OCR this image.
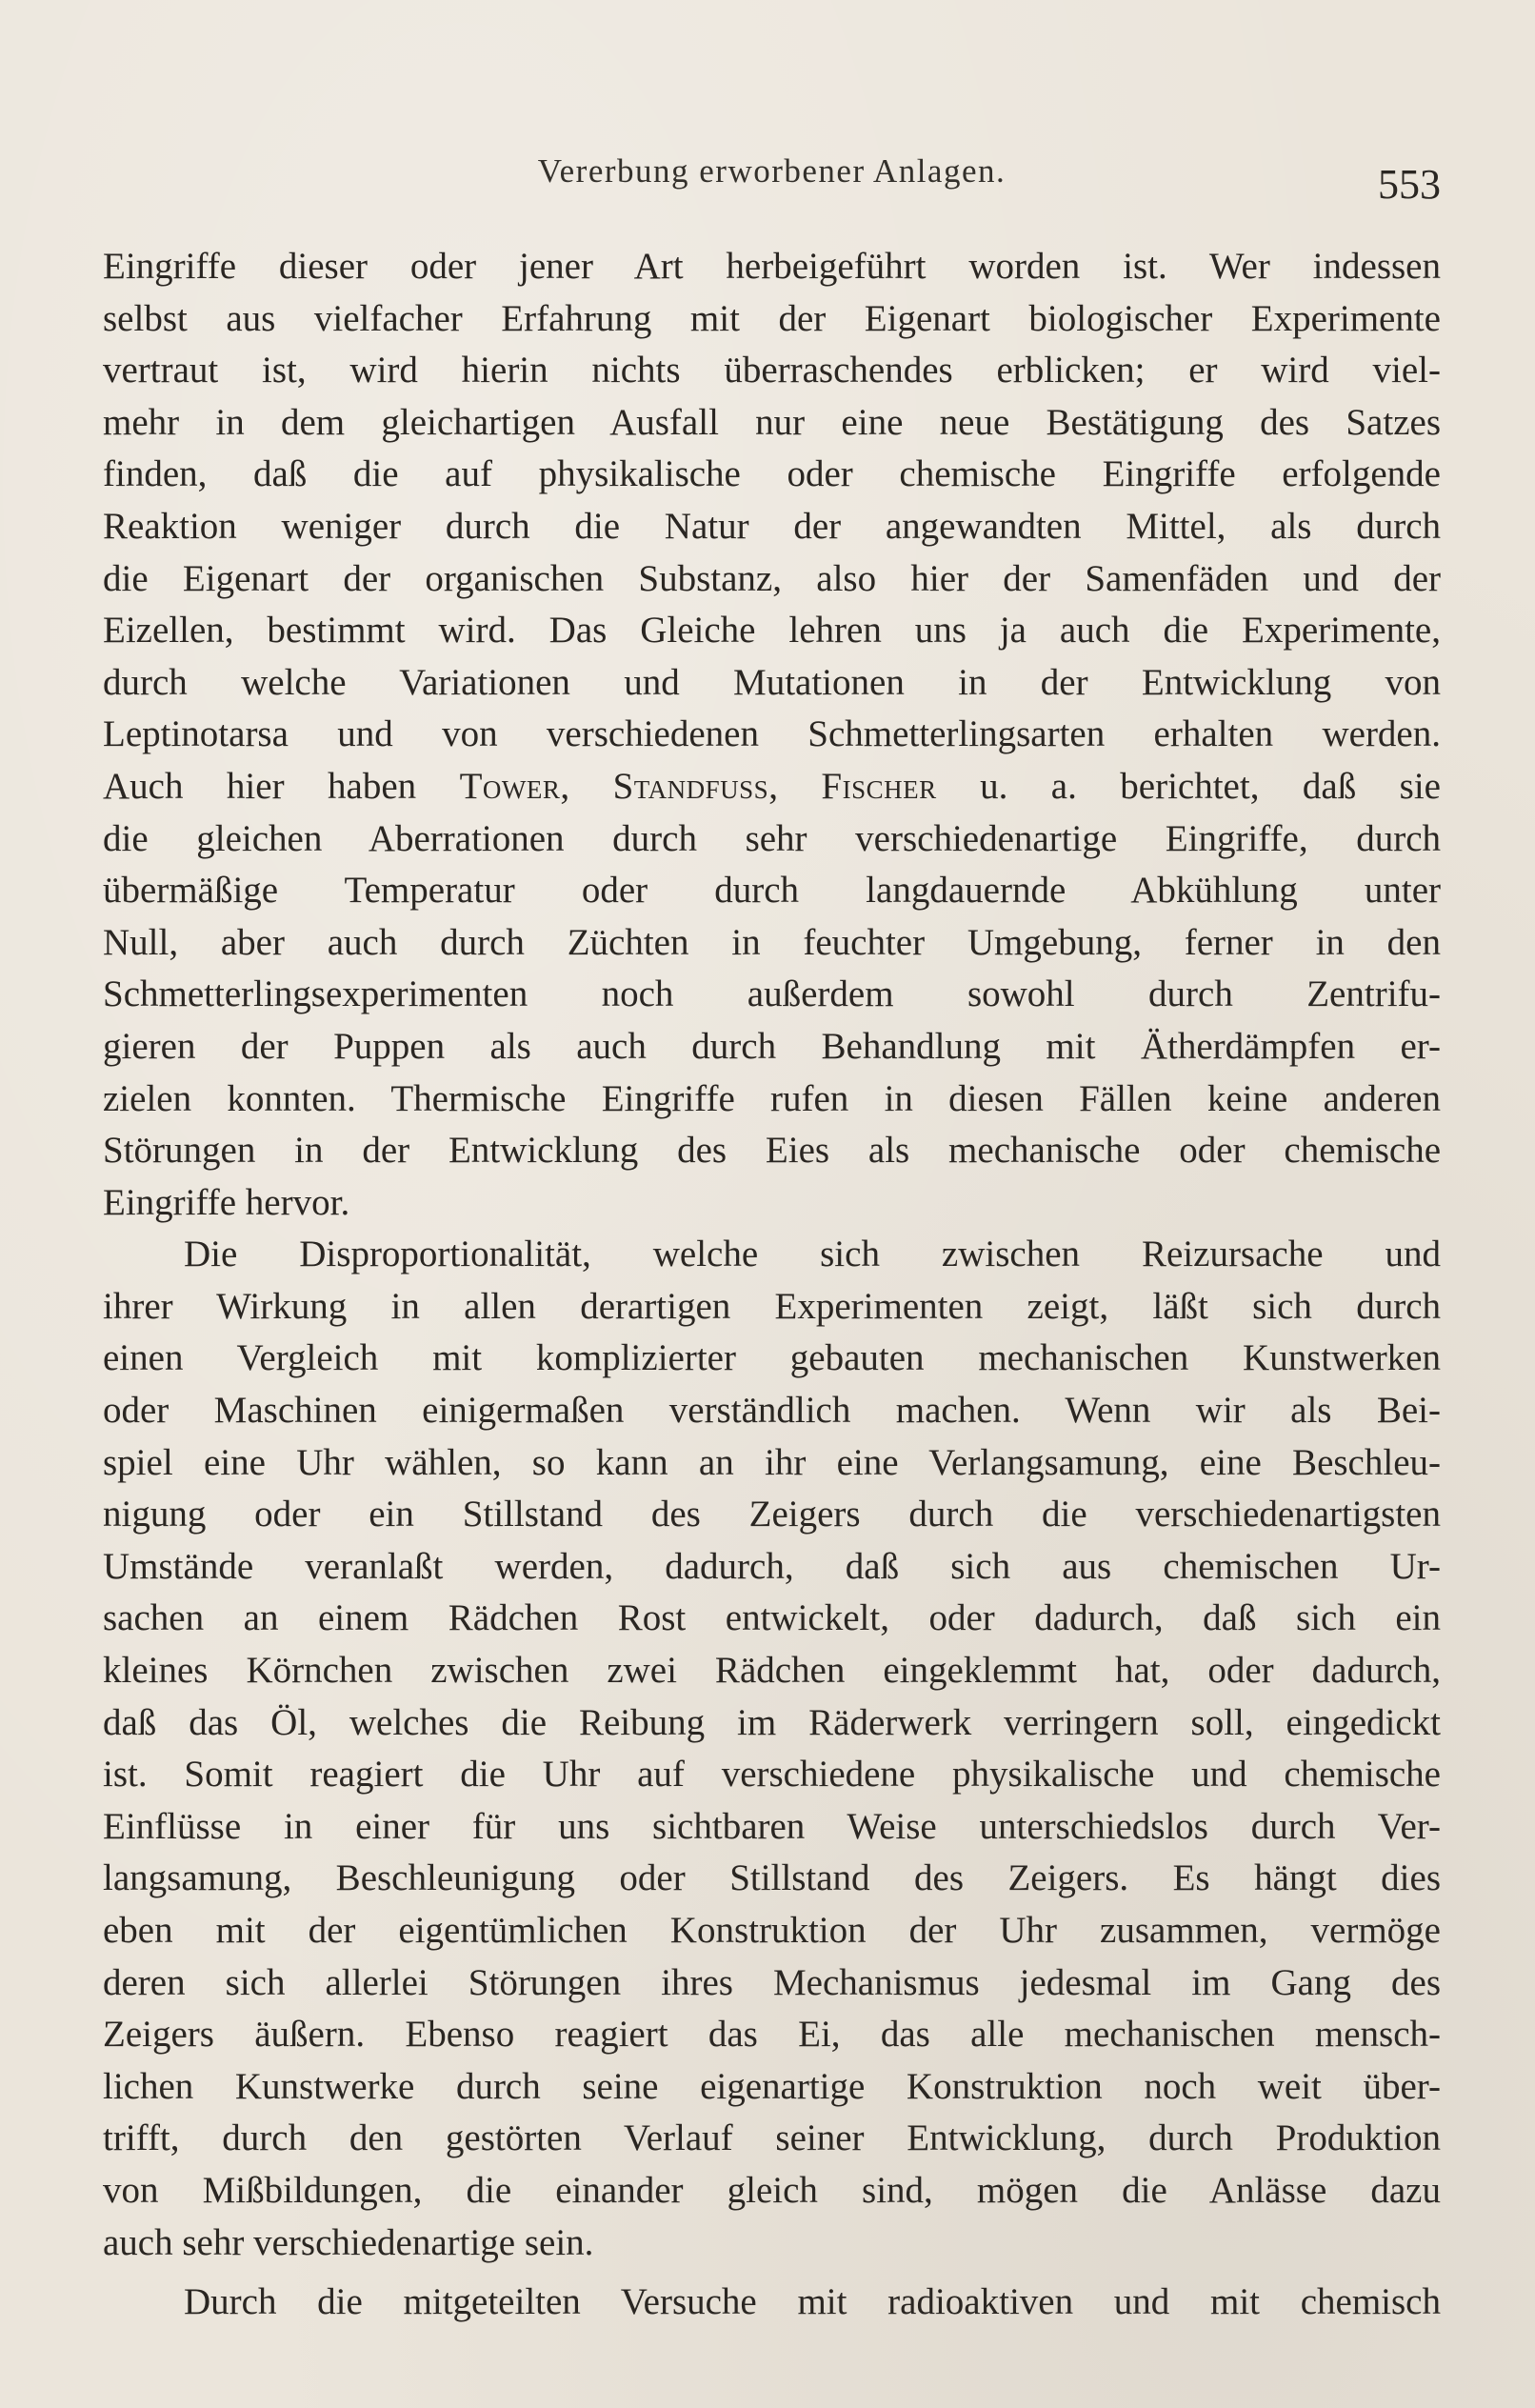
Vererbung erworbener Anlagen.	553
Eingriffe dieser oder jener Art herbeigeführt worden ist. Wer indessen
selbst aus vielfacher Erfahrung mit der Eigenart biologischer Experimente
vertraut ist, wird hierin nichts überraschendes erblicken; er wird viel-
mehr in dem gleichartigen Ausfall nur eine neue Bestätigung des Satzes
finden, daß die auf physikalische oder chemische Eingriffe erfolgende
Reaktion weniger durch die Natur der angewandten Mittel, als durch
die Eigenart der organischen Substanz, also hier der Samenfäden und der
Eizellen, bestimmt wird. Das Gleiche lehren uns ja auch die Experimente,
durch welche Variationen und Mutationen in der Entwicklung von
Leptinotarsa und von verschiedenen Schmetterlingsarten erhalten werden.
Auch hier haben Tower, Standfuss, Fischer u. a. berichtet, daß sie
die gleichen Aberrationen durch sehr verschiedenartige Eingriffe, durch
übermäßige Temperatur oder durch langdauernde Abkühlung unter
Null, aber auch durch Züchten in feuchter Umgebung, ferner in den
Schmetterlingsexperimenten noch außerdem sowohl durch Zentrifu-
gieren der Puppen als auch durch Behandlung mit Ätherdämpfen er-
zielen konnten. Thermische Eingriffe rufen in diesen Fällen keine anderen
Störungen in der Entwicklung des Eies als mechanische oder chemische
Eingriffe hervor.
Die Disproportionalität, welche sich zwischen Reizursache und
ihrer Wirkung in allen derartigen Experimenten zeigt, läßt sich durch
einen Vergleich mit komplizierter gebauten mechanischen Kunstwerken
oder Maschinen einigermaßen verständlich machen. Wenn wir als Bei-
spiel eine Uhr wählen, so kann an ihr eine Verlangsamung, eine Beschleu-
nigung oder ein Stillstand des Zeigers durch die verschiedenartigsten
Umstände veranlaßt werden, dadurch, daß sich aus chemischen Ur-
sachen an einem Rädchen Rost entwickelt, oder dadurch, daß sich ein
kleines Körnchen zwischen zwei Rädchen eingeklemmt hat, oder dadurch,
daß das Öl, welches die Reibung im Räderwerk verringern soll, eingedickt
ist. Somit reagiert die Uhr auf verschiedene physikalische und chemische
Einflüsse in einer für uns sichtbaren Weise unterschiedslos durch Ver-
langsamung, Beschleunigung oder Stillstand des Zeigers. Es hängt dies
eben mit der eigentümlichen Konstruktion der Uhr zusammen, vermöge
deren sich allerlei Störungen ihres Mechanismus jedesmal im Gang des
Zeigers äußern. Ebenso reagiert das Ei, das alle mechanischen mensch-
lichen Kunstwerke durch seine eigenartige Konstruktion noch weit über-
trifft, durch den gestörten Verlauf seiner Entwicklung, durch Produktion
von Mißbildungen, die einander gleich sind, mögen die Anlässe dazu
auch sehr verschiedenartige sein.
Durch die mitgeteilten Versuche mit radioaktiven und mit chemisch
